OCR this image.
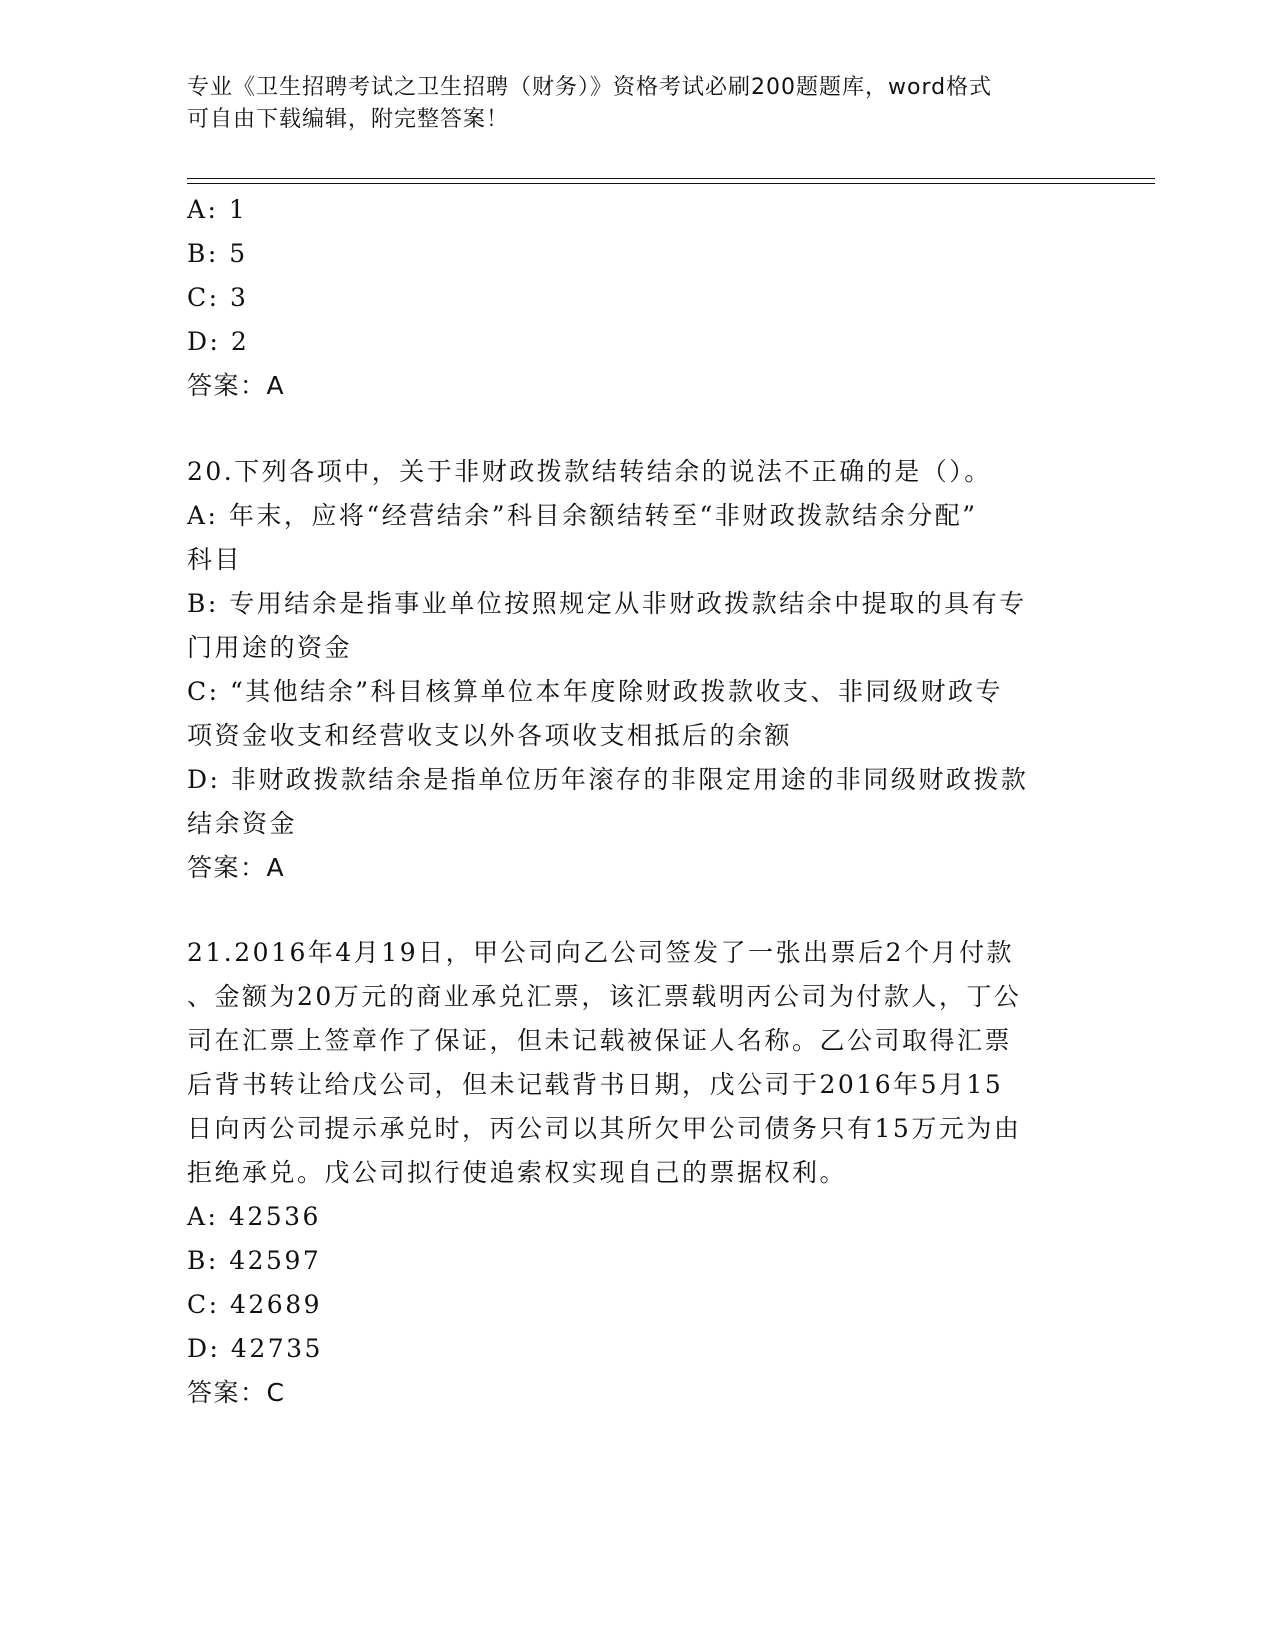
专业《卫生招聘考试之卫生招聘（财务）》资格考试必刷200题题库，word格式
可自由下载编辑，附完整答案！
A: 1
B: 5
C: 3
D: 2
答案：A
20.下列各项中，关于非财政拨款结转结余的说法不正确的是（）。
A: 年末，应将“经营结余”科目余额结转至“非财政拨款结余分配”
科目
B: 专用结余是指事业单位按照规定从非财政拨款结余中提取的具有专
门用途的资金
C: “其他结余”科目核算单位本年度除财政拨款收支、非同级财政专
项资金收支和经营收支以外各项收支相抵后的余额
D: 非财政拨款结余是指单位历年滚存的非限定用途的非同级财政拨款
结余资金
答案：A
21.2016年4月19日，甲公司向乙公司签发了一张出票后2个月付款
、金额为20万元的商业承兑汇票，该汇票载明丙公司为付款人，丁公
司在汇票上签章作了保证，但未记载被保证人名称。乙公司取得汇票
后背书转让给戊公司，但未记载背书日期，戊公司于2016年5月15
日向丙公司提示承兑时，丙公司以其所欠甲公司债务只有15万元为由
拒绝承兑。戊公司拟行使追索权实现自己的票据权利。
A: 42536
B: 42597
C: 42689
D: 42735
答案：C
